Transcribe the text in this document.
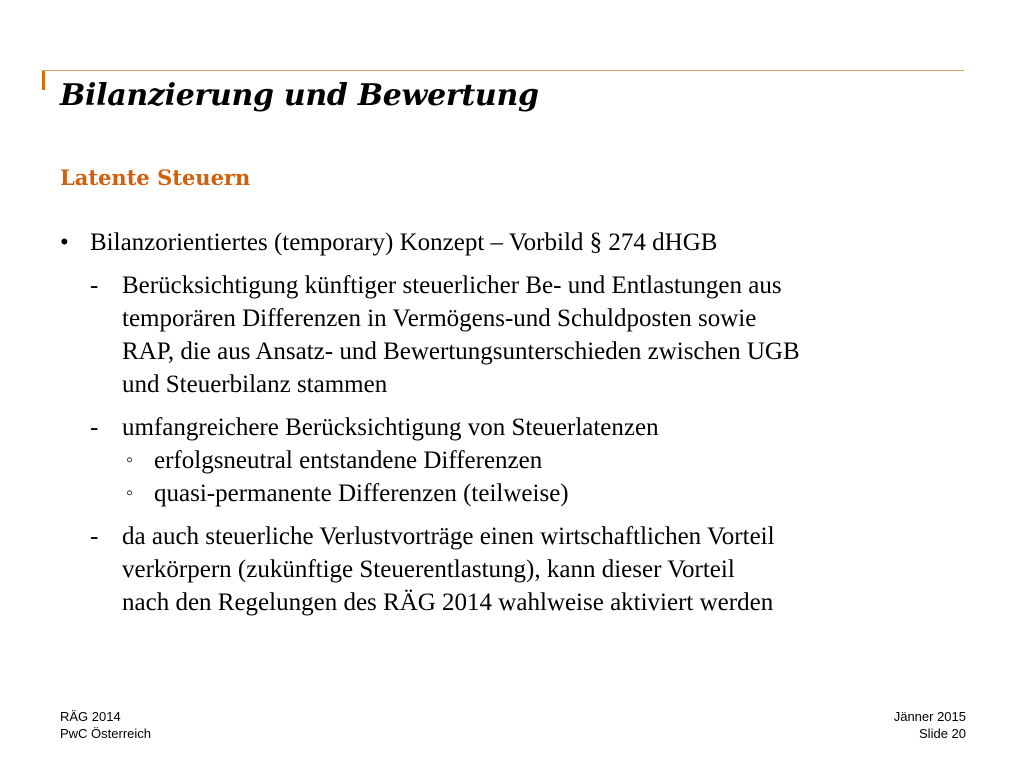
Bilanzierung und Bewertung
Latente Steuern
• Bilanzorientiertes (temporary) Konzept – Vorbild § 274 dHGB
- Berücksichtigung künftiger steuerlicher Be- und Entlastungen aus
temporären Differenzen in Vermögens-und Schuldposten sowie
RAP, die aus Ansatz- und Bewertungsunterschieden zwischen UGB
und Steuerbilanz stammen
- umfangreichere Berücksichtigung von Steuerlatenzen
◦ erfolgsneutral entstandene Differenzen
◦ quasi-permanente Differenzen (teilweise)
- da auch steuerliche Verlustvorträge einen wirtschaftlichen Vorteil
verkörpern (zukünftige Steuerentlastung), kann dieser Vorteil
nach den Regelungen des RÄG 2014 wahlweise aktiviert werden
RÄG 2014
PwC Österreich
Jänner 2015
Slide 20
